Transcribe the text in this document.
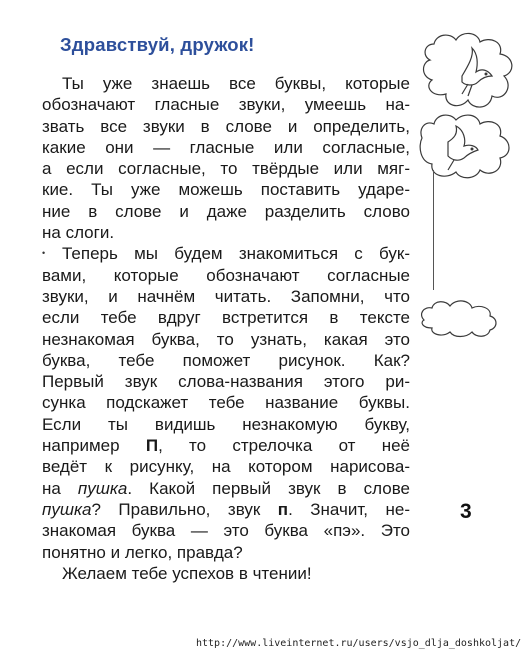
Здравствуй, дружок!
Ты уже знаешь все буквы, которые
обозначают гласные звуки, умеешь на-
звать все звуки в слове и определить,
какие они — гласные или согласные,
а если согласные, то твёрдые или мяг-
кие. Ты уже можешь поставить ударе-
ние в слове и даже разделить слово
на слоги.
• Теперь мы будем знакомиться с бук-
вами, которые обозначают согласные
звуки, и начнём читать. Запомни, что
если тебе вдруг встретится в тексте
незнакомая буква, то узнать, какая это
буква, тебе поможет рисунок. Как?
Первый звук слова-названия этого ри-
сунка подскажет тебе название буквы.
Если ты видишь незнакомую букву,
например П, то стрелочка от неё
ведёт к рисунку, на котором нарисова-
на пушка. Какой первый звук в слове
пушка? Правильно, звук п. Значит, не-
знакомая буква — это буква «пэ». Это
понятно и легко, правда?
Желаем тебе успехов в чтении!
3
http://www.liveinternet.ru/users/vsjo_dlja_doshkoljat/
